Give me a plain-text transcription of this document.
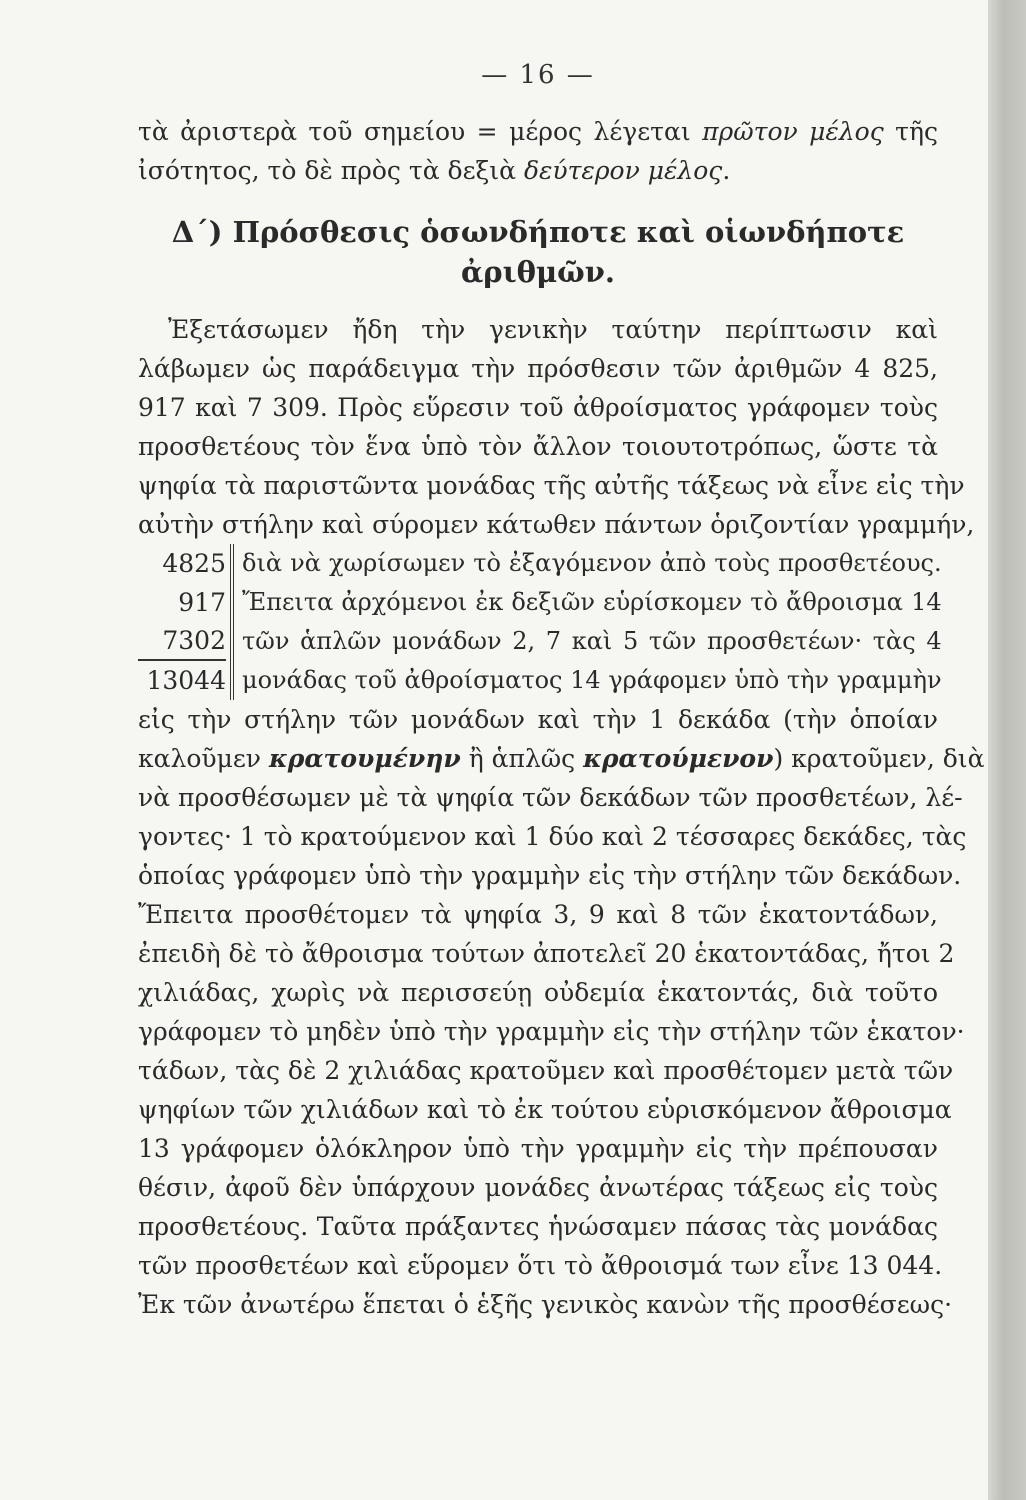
— 16 —
τὰ ἀριστερὰ τοῦ σημείου = μέρος λέγεται πρῶτον μέλος τῆς
ἰσότητος, τὸ δὲ πρὸς τὰ δεξιὰ δεύτερον μέλος.
Δ΄) Πρόσθεσις ὁσωνδήποτε καὶ οἱωνδήποτε
ἀριθμῶν.
Ἐξετάσωμεν ἤδη τὴν γενικὴν ταύτην περίπτωσιν καὶ
λάβωμεν ὡς παράδειγμα τὴν πρόσθεσιν τῶν ἀριθμῶν 4 825,
917 καὶ 7 309. Πρὸς εὕρεσιν τοῦ ἀθροίσματος γράφομεν τοὺς
προσθετέους τὸν ἕνα ὑπὸ τὸν ἄλλον τοιουτοτρόπως, ὥστε τὰ
ψηφία τὰ παριστῶντα μονάδας τῆς αὐτῆς τάξεως νὰ εἶνε εἰς τὴν
αὐτὴν στήλην καὶ σύρομεν κάτωθεν πάντων ὁριζοντίαν γραμμήν,
4825
917
7302
13044
διὰ νὰ χωρίσωμεν τὸ ἐξαγόμενον ἀπὸ τοὺς προσθετέους.
Ἔπειτα ἀρχόμενοι ἐκ δεξιῶν εὑρίσκομεν τὸ ἄθροισμα 14
τῶν ἁπλῶν μονάδων 2, 7 καὶ 5 τῶν προσθετέων· τὰς 4
μονάδας τοῦ ἀθροίσματος 14 γράφομεν ὑπὸ τὴν γραμμὴν
εἰς τὴν στήλην τῶν μονάδων καὶ τὴν 1 δεκάδα (τὴν ὁποίαν
καλοῦμεν κρατουμένην ἢ ἁπλῶς κρατούμενον) κρατοῦμεν, διὰ
νὰ προσθέσωμεν μὲ τὰ ψηφία τῶν δεκάδων τῶν προσθετέων, λέ-
γοντες· 1 τὸ κρατούμενον καὶ 1 δύο καὶ 2 τέσσαρες δεκάδες, τὰς
ὁποίας γράφομεν ὑπὸ τὴν γραμμὴν εἰς τὴν στήλην τῶν δεκάδων.
Ἔπειτα προσθέτομεν τὰ ψηφία 3, 9 καὶ 8 τῶν ἑκατοντάδων,
ἐπειδὴ δὲ τὸ ἄθροισμα τούτων ἀποτελεῖ 20 ἑκατοντάδας, ἤτοι 2
χιλιάδας, χωρὶς νὰ περισσεύῃ οὐδεμία ἑκατοντάς, διὰ τοῦτο
γράφομεν τὸ μηδὲν ὑπὸ τὴν γραμμὴν εἰς τὴν στήλην τῶν ἑκατον·
τάδων, τὰς δὲ 2 χιλιάδας κρατοῦμεν καὶ προσθέτομεν μετὰ τῶν
ψηφίων τῶν χιλιάδων καὶ τὸ ἐκ τούτου εὑρισκόμενον ἄθροισμα
13 γράφομεν ὁλόκληρον ὑπὸ τὴν γραμμὴν εἰς τὴν πρέπουσαν
θέσιν, ἀφοῦ δὲν ὑπάρχουν μονάδες ἀνωτέρας τάξεως εἰς τοὺς
προσθετέους. Ταῦτα πράξαντες ἡνώσαμεν πάσας τὰς μονάδας
τῶν προσθετέων καὶ εὕρομεν ὅτι τὸ ἄθροισμά των εἶνε 13 044.
Ἐκ τῶν ἀνωτέρω ἕπεται ὁ ἑξῆς γενικὸς κανὼν τῆς προσθέσεως·
